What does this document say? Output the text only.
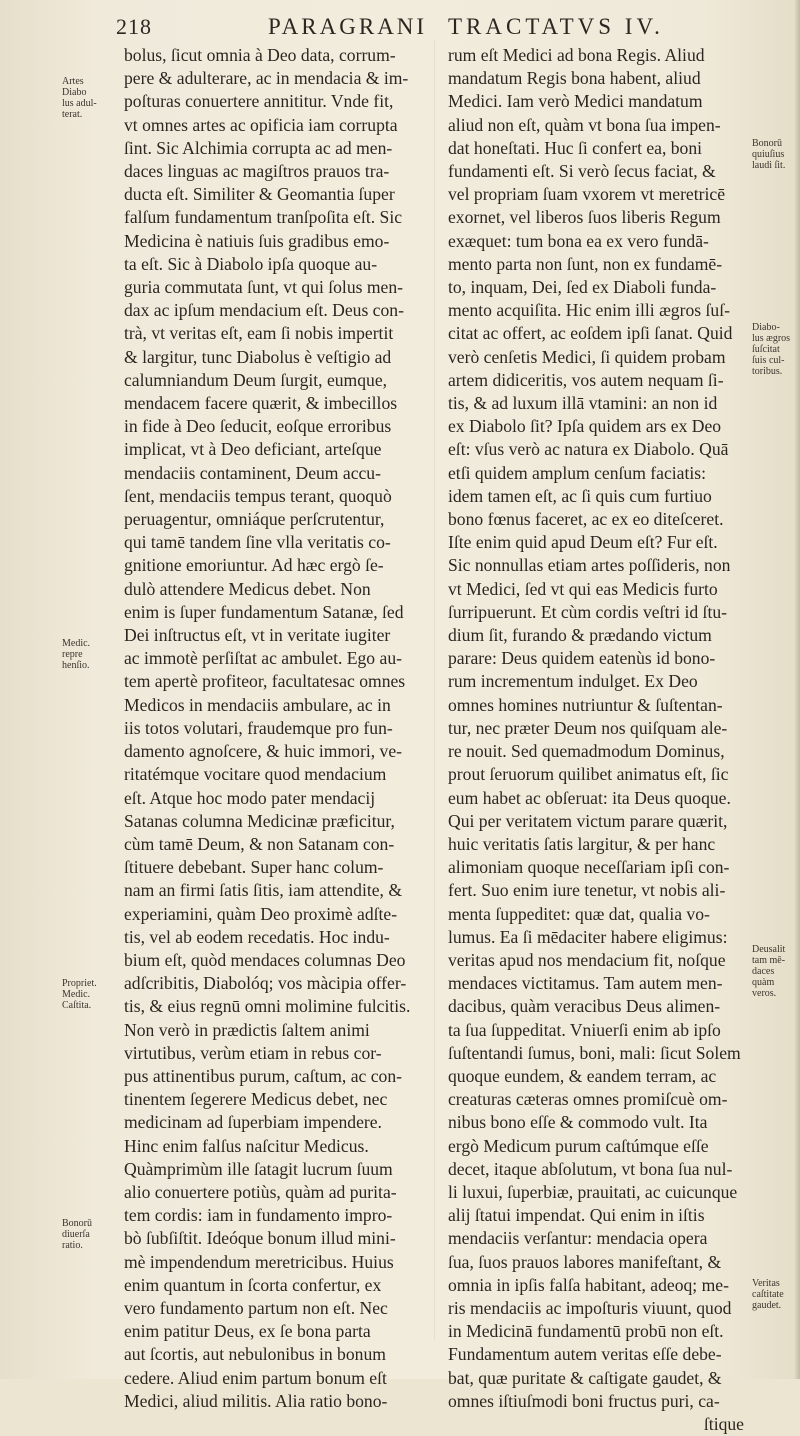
218	PARAGRANI TRACTATVS IV.
bolus, ſicut omnia à Deo data, corrum-
pere & adulterare, ac in mendacia & im-
poſturas conuertere annititur. Vnde fit,
vt omnes artes ac opificia iam corrupta
ſint. Sic Alchimia corrupta ac ad men-
daces linguas ac magiſtros prauos tra-
ducta eſt. Similiter & Geomantia ſuper
falſum fundamentum tranſpoſita eſt. Sic
Medicina è natiuis ſuis gradibus emo-
ta eſt. Sic à Diabolo ipſa quoque au-
guria commutata ſunt, vt qui ſolus men-
dax ac ipſum mendacium eſt. Deus con-
trà, vt veritas eſt, eam ſi nobis impertit
& largitur, tunc Diabolus è veſtigio ad
calumniandum Deum ſurgit, eumque,
mendacem facere quærit, & imbecillos
in fide à Deo ſeducit, eoſque erroribus
implicat, vt à Deo deficiant, arteſque
mendaciis contaminent, Deum accu-
ſent, mendaciis tempus terant, quoquò
peruagentur, omniáque perſcrutentur,
qui tamē tandem ſine vlla veritatis co-
gnitione emoriuntur. Ad hæc ergò ſe-
dulò attendere Medicus debet. Non
enim is ſuper fundamentum Satanæ, ſed
Dei inſtructus eſt, vt in veritate iugiter
ac immotè perſiſtat ac ambulet. Ego au-
tem apertè profiteor, facultatesac omnes
Medicos in mendaciis ambulare, ac in
iis totos volutari, fraudemque pro fun-
damento agnoſcere, & huic immori, ve-
ritatémque vocitare quod mendacium
eſt. Atque hoc modo pater mendacij
Satanas columna Medicinæ præficitur,
cùm tamē Deum, & non Satanam con-
ſtituere debebant. Super hanc colum-
nam an firmi ſatis ſitis, iam attendite, &
experiamini, quàm Deo proximè adſte-
tis, vel ab eodem recedatis. Hoc indu-
bium eſt, quòd mendaces columnas Deo
adſcribitis, Diabolóq; vos màcipia offer-
tis, & eius regnū omni molimine fulcitis.
Non verò in prædictis ſaltem animi
virtutibus, verùm etiam in rebus cor-
pus attinentibus purum, caſtum, ac con-
tinentem ſegerere Medicus debet, nec
medicinam ad ſuperbiam impendere.
Hinc enim falſus naſcitur Medicus.
Quàmprimùm ille ſatagit lucrum ſuum
alio conuertere potiùs, quàm ad purita-
tem cordis: iam in fundamento impro-
bò ſubſiſtit. Ideóque bonum illud mini-
mè impendendum meretricibus. Huius
enim quantum in ſcorta confertur, ex
vero fundamento partum non eſt. Nec
enim patitur Deus, ex ſe bona parta
aut ſcortis, aut nebulonibus in bonum
cedere. Aliud enim partum bonum eſt
Medici, aliud militis. Alia ratio bono-
rum eſt Medici ad bona Regis. Aliud
mandatum Regis bona habent, aliud
Medici. Iam verò Medici mandatum
aliud non eſt, quàm vt bona ſua impen-
dat honeſtati. Huc ſi confert ea, boni
fundamenti eſt. Si verò ſecus faciat, &
vel propriam ſuam vxorem vt meretricē
exornet, vel liberos ſuos liberis Regum
exæquet: tum bona ea ex vero fundā-
mento parta non ſunt, non ex fundamē-
to, inquam, Dei, ſed ex Diaboli funda-
mento acquiſita. Hic enim illi ægros ſuſ-
citat ac offert, ac eoſdem ipſi ſanat. Quid
verò cenſetis Medici, ſi quidem probam
artem didiceritis, vos autem nequam ſi-
tis, & ad luxum illā vtamini: an non id
ex Diabolo ſit? Ipſa quidem ars ex Deo
eſt: vſus verò ac natura ex Diabolo. Quā
etſi quidem amplum cenſum faciatis:
idem tamen eſt, ac ſi quis cum furtiuo
bono fœnus faceret, ac ex eo diteſceret.
Iſte enim quid apud Deum eſt? Fur eſt.
Sic nonnullas etiam artes poſſideris, non
vt Medici, ſed vt qui eas Medicis furto
ſurripuerunt. Et cùm cordis veſtri id ſtu-
dium ſit, furando & prædando victum
parare: Deus quidem eatenùs id bono-
rum incrementum indulget. Ex Deo
omnes homines nutriuntur & ſuſtentan-
tur, nec præter Deum nos quiſquam ale-
re nouit. Sed quemadmodum Dominus,
prout ſeruorum quilibet animatus eſt, ſic
eum habet ac obſeruat: ita Deus quoque.
Qui per veritatem victum parare quærit,
huic veritatis ſatis largitur, & per hanc
alimoniam quoque neceſſariam ipſi con-
fert. Suo enim iure tenetur, vt nobis ali-
menta ſuppeditet: quæ dat, qualia vo-
lumus. Ea ſi mēdaciter habere eligimus:
veritas apud nos mendacium fit, noſque
mendaces victitamus. Tam autem men-
dacibus, quàm veracibus Deus alimen-
ta ſua ſuppeditat. Vniuerſi enim ab ipſo
ſuſtentandi ſumus, boni, mali: ſicut Solem
quoque eundem, & eandem terram, ac
creaturas cæteras omnes promiſcuè om-
nibus bono eſſe & commodo vult. Ita
ergò Medicum purum caſtúmque eſſe
decet, itaque abſolutum, vt bona ſua nul-
li luxui, ſuperbiæ, prauitati, ac cuicunque
alij ſtatui impendat. Qui enim in iſtis
mendaciis verſantur: mendacia opera
ſua, ſuos prauos labores manifeſtant, &
omnia in ipſis falſa habitant, adeoq; me-
ris mendaciis ac impoſturis viuunt, quod
in Medicinā fundamentū probū non eſt.
Fundamentum autem veritas eſſe debe-
bat, quæ puritate & caſtigate gaudet, &
omnes iſtiuſmodi boni fructus puri, ca-
ſtique
Artes
Diabo
lus adul-
terat.
Medic.
repre
henſio.
Propriet.
Medic.
Caſtita.
Bonorū
diuerſa
ratio.
Bonorū
quiuſius
laudi ſit.
Diabo-
lus ægros
ſuſcitat
ſuis cul-
toribus.
Deusalit
tam mē-
daces
quàm
veros.
Veritas
caſtitate
gaudet.
